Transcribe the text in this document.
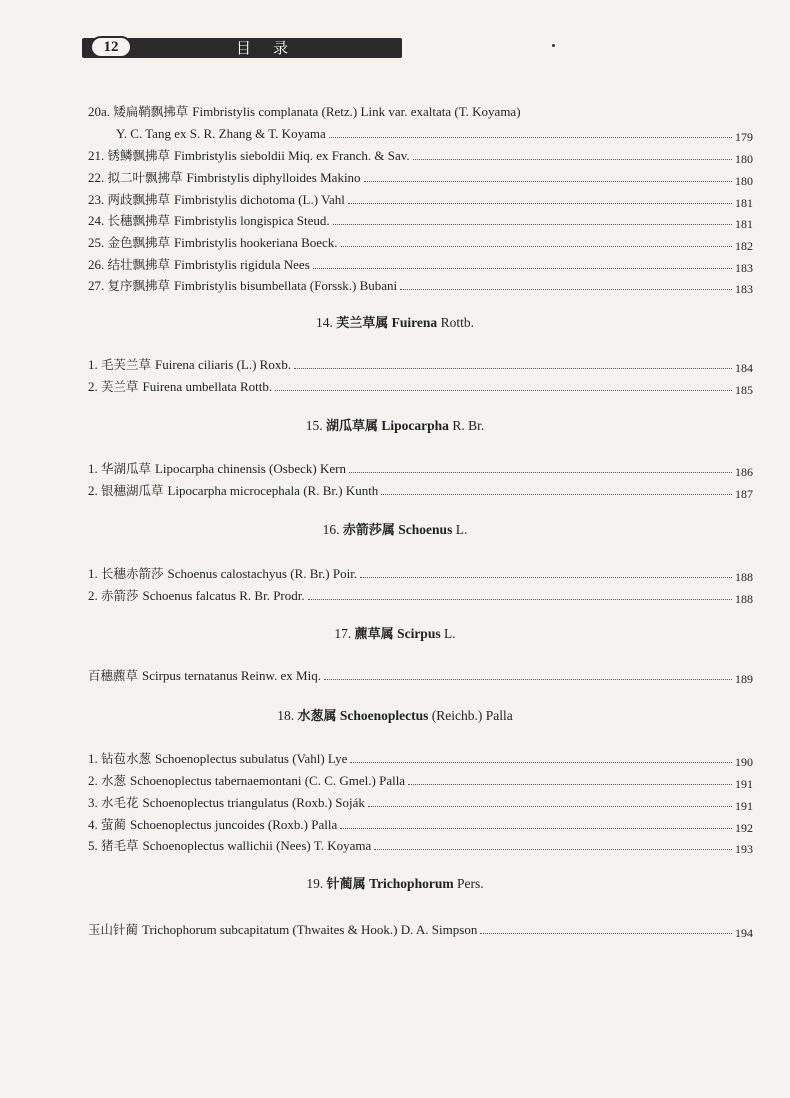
12	目录
20a. 矮扁鞘飘拂草 Fimbristylis complanata (Retz.) Link var. exaltata (T. Koyama)
Y. C. Tang ex S. R. Zhang & T. Koyama	179
21. 锈鳞飘拂草 Fimbristylis sieboldii Miq. ex Franch. & Sav.	180
22. 拟二叶飘拂草 Fimbristylis diphylloides Makino	180
23. 两歧飘拂草 Fimbristylis dichotoma (L.) Vahl	181
24. 长穗飘拂草 Fimbristylis longispica Steud.	181
25. 金色飘拂草 Fimbristylis hookeriana Boeck.	182
26. 结壮飘拂草 Fimbristylis rigidula Nees	183
27. 复序飘拂草 Fimbristylis bisumbellata (Forssk.) Bubani	183
14. 芙兰草属 Fuirena Rottb.
1. 毛芙兰草 Fuirena ciliaris (L.) Roxb.	184
2. 芙兰草 Fuirena umbellata Rottb.	185
15. 湖瓜草属 Lipocarpha R. Br.
1. 华湖瓜草 Lipocarpha chinensis (Osbeck) Kern	186
2. 银穗湖瓜草 Lipocarpha microcephala (R. Br.) Kunth	187
16. 赤箭莎属 Schoenus L.
1. 长穗赤箭莎 Schoenus calostachyus (R. Br.) Poir.	188
2. 赤箭莎 Schoenus falcatus R. Br. Prodr.	188
17. 藨草属 Scirpus L.
百穗藨草 Scirpus ternatanus Reinw. ex Miq.	189
18. 水葱属 Schoenoplectus (Reichb.) Palla
1. 钻苞水葱 Schoenoplectus subulatus (Vahl) Lye	190
2. 水葱 Schoenoplectus tabernaemontani (C. C. Gmel.) Palla	191
3. 水毛花 Schoenoplectus triangulatus (Roxb.) Soják	191
4. 萤蔺 Schoenoplectus juncoides (Roxb.) Palla	192
5. 猪毛草 Schoenoplectus wallichii (Nees) T. Koyama	193
19. 针蔺属 Trichophorum Pers.
玉山针蔺 Trichophorum subcapitatum (Thwaites & Hook.) D. A. Simpson	194
